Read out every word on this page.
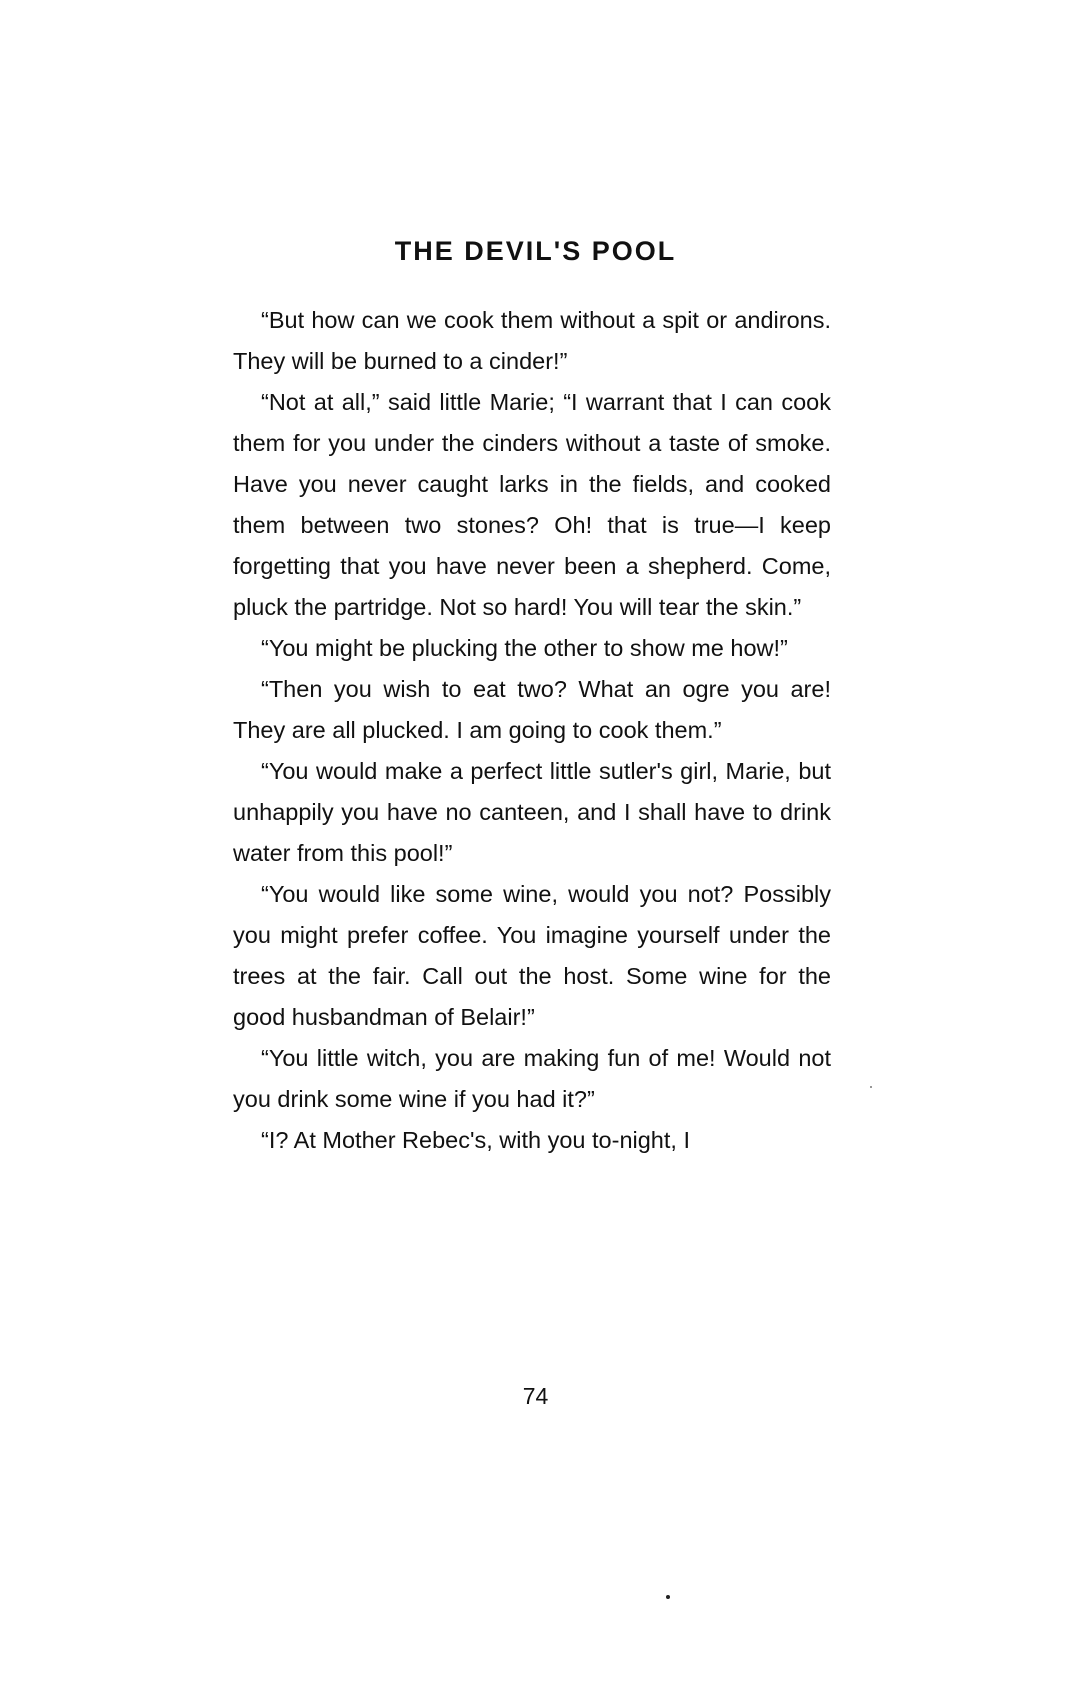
THE DEVIL'S POOL

“But how can we cook them without a spit or andirons. They will be burned to a cinder!”

“Not at all,” said little Marie; “I warrant that I can cook them for you under the cinders without a taste of smoke. Have you never caught larks in the fields, and cooked them between two stones? Oh! that is true—I keep forgetting that you have never been a shepherd. Come, pluck the partridge. Not so hard! You will tear the skin.”

“You might be plucking the other to show me how!”

“Then you wish to eat two? What an ogre you are! They are all plucked. I am going to cook them.”

“You would make a perfect little sutler's girl, Marie, but unhappily you have no canteen, and I shall have to drink water from this pool!”

“You would like some wine, would you not? Possibly you might prefer coffee. You imagine yourself under the trees at the fair. Call out the host. Some wine for the good husbandman of Belair!”

“You little witch, you are making fun of me! Would not you drink some wine if you had it?”

“I? At Mother Rebec's, with you to-night, I

74
